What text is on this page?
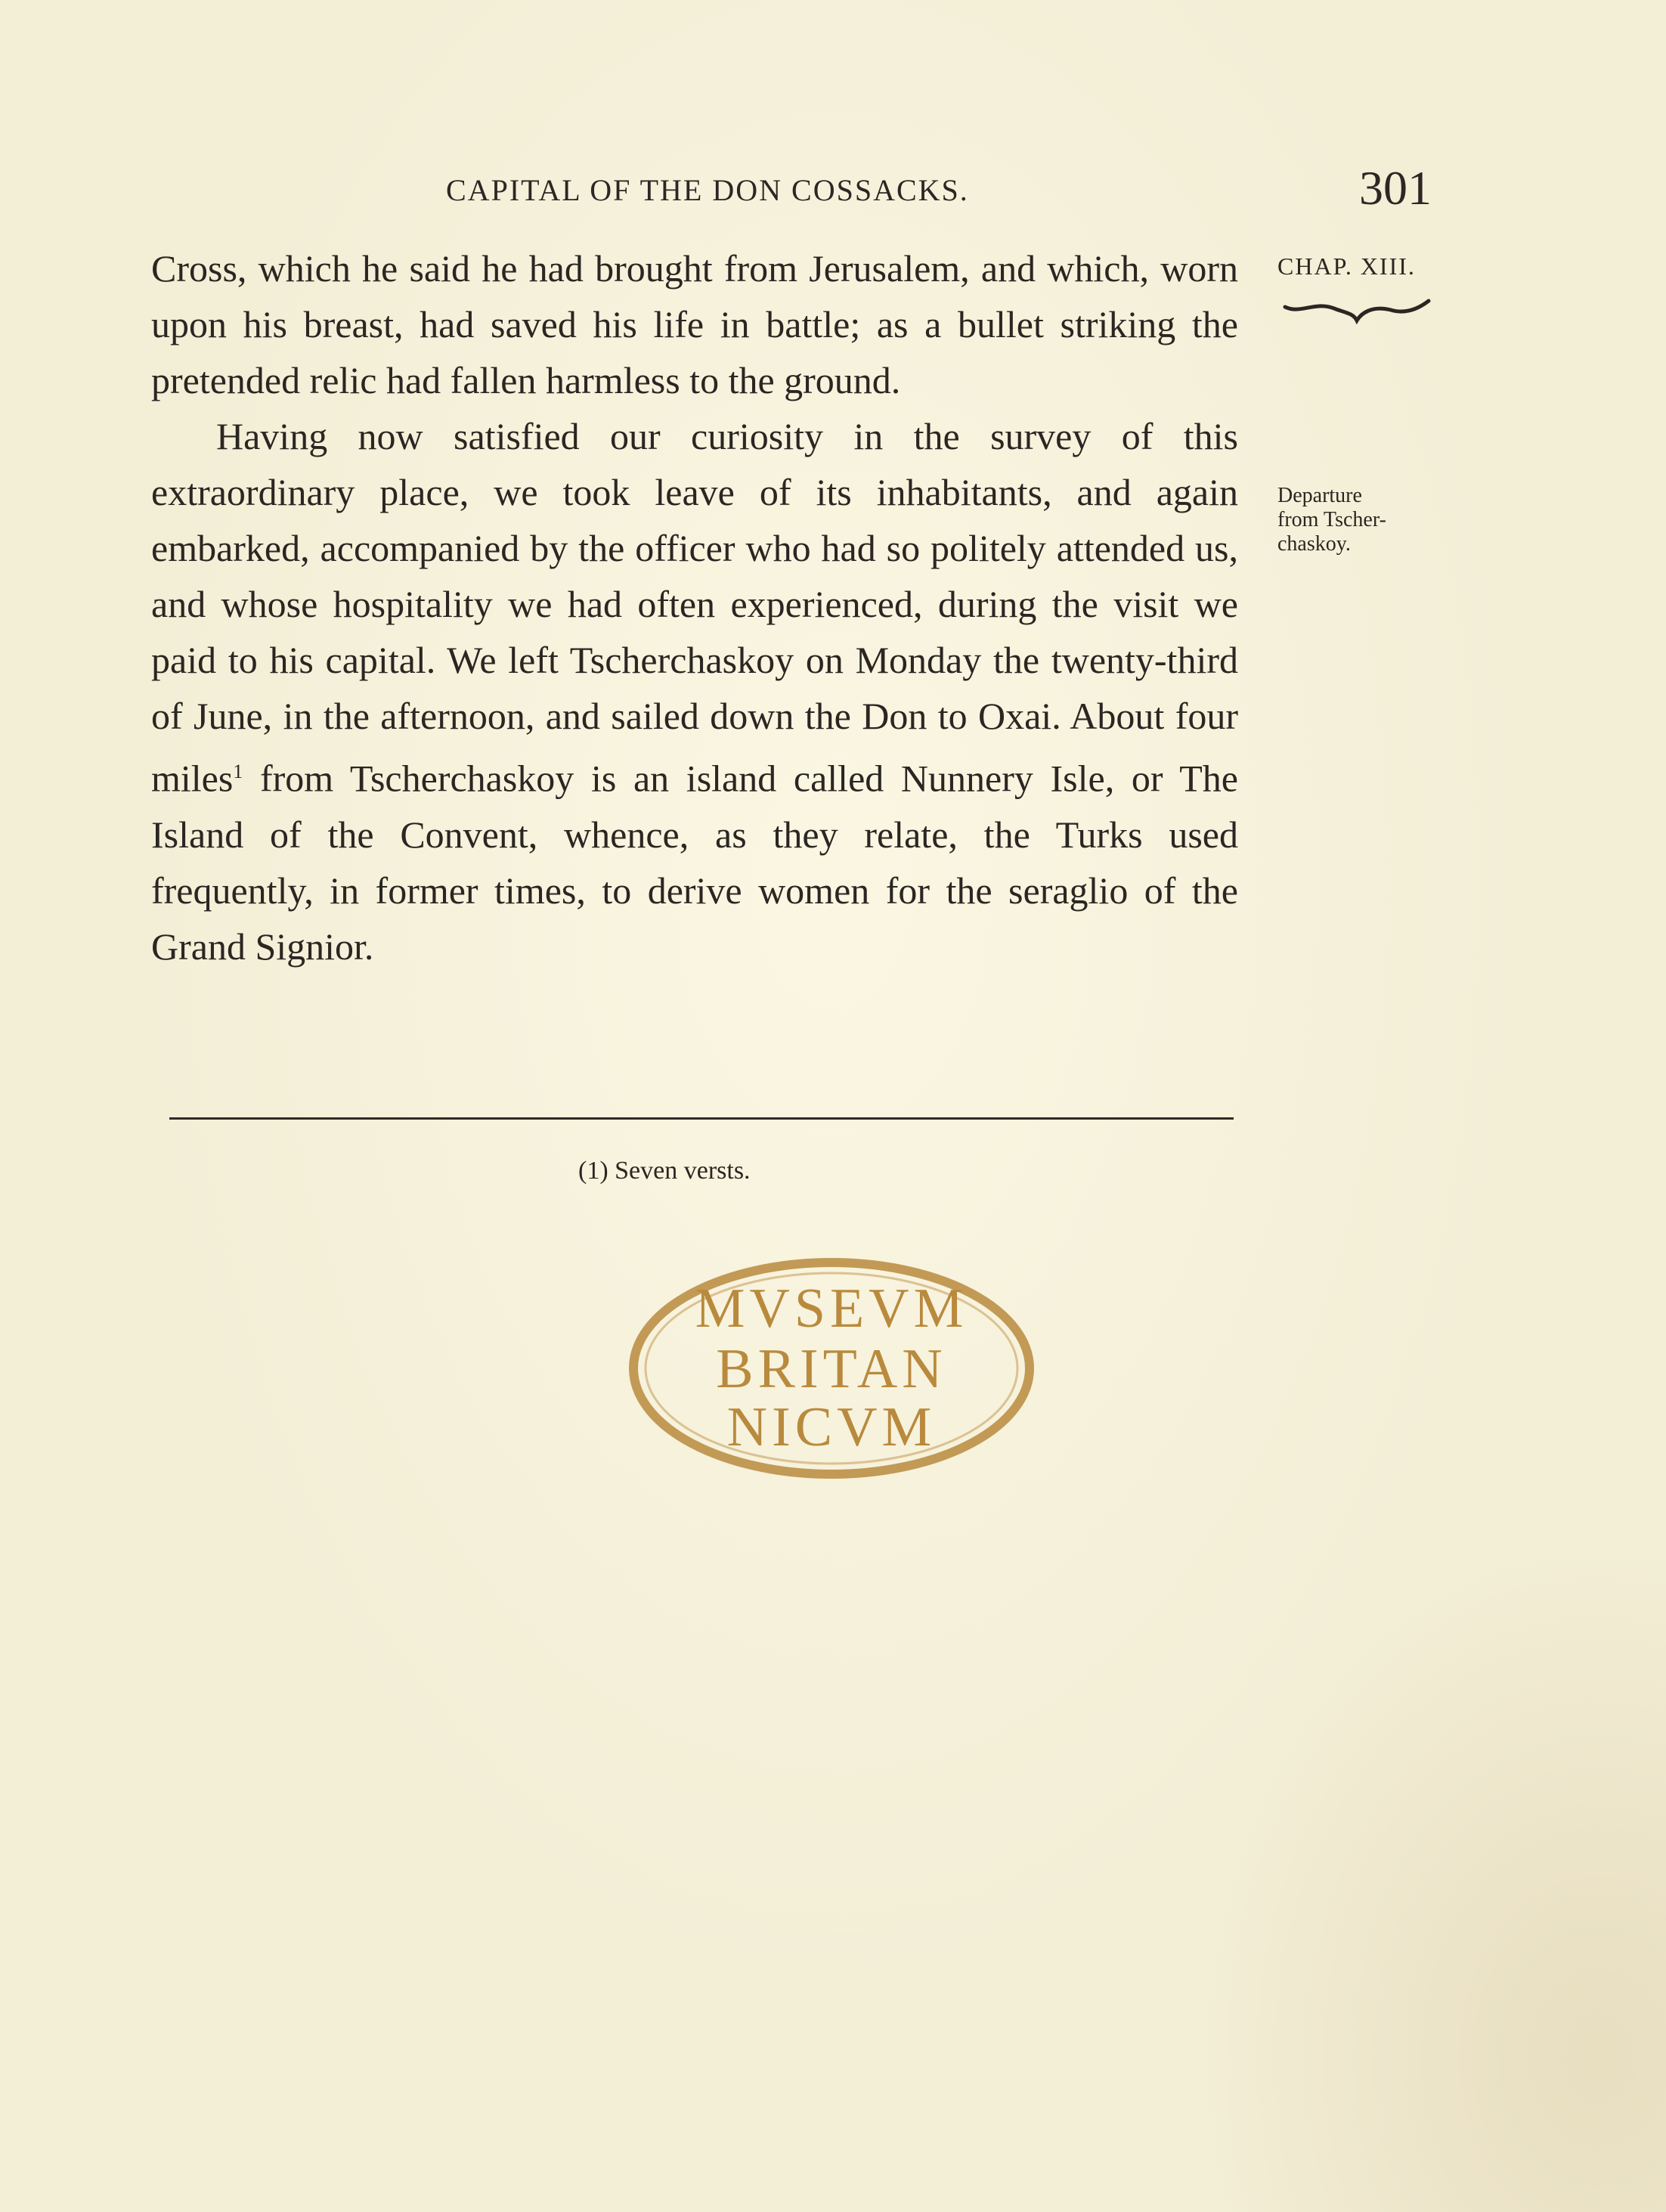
CAPITAL OF THE DON COSSACKS.	301

Cross, which he said he had brought from Jerusalem, and which, worn upon his breast, had saved his life in battle; as a bullet striking the pretended relic had fallen harmless to the ground.

Having now satisfied our curiosity in the survey of this extraordinary place, we took leave of its inhabitants, and again embarked, accompanied by the officer who had so politely attended us, and whose hospitality we had often experienced, during the visit we paid to his capital. We left Tscherchaskoy on Monday the twenty-third of June, in the afternoon, and sailed down the Don to Oxai. About four miles$^1$ from Tscherchaskoy is an island called Nunnery Isle, or The Island of the Convent, whence, as they relate, the Turks used frequently, in former times, to derive women for the seraglio of the Grand Signior.

CHAP. XIII.
Departure
from Tscher-
chaskoy.
(1) Seven versts.
MVSEVM
BRITAN
NICVM
